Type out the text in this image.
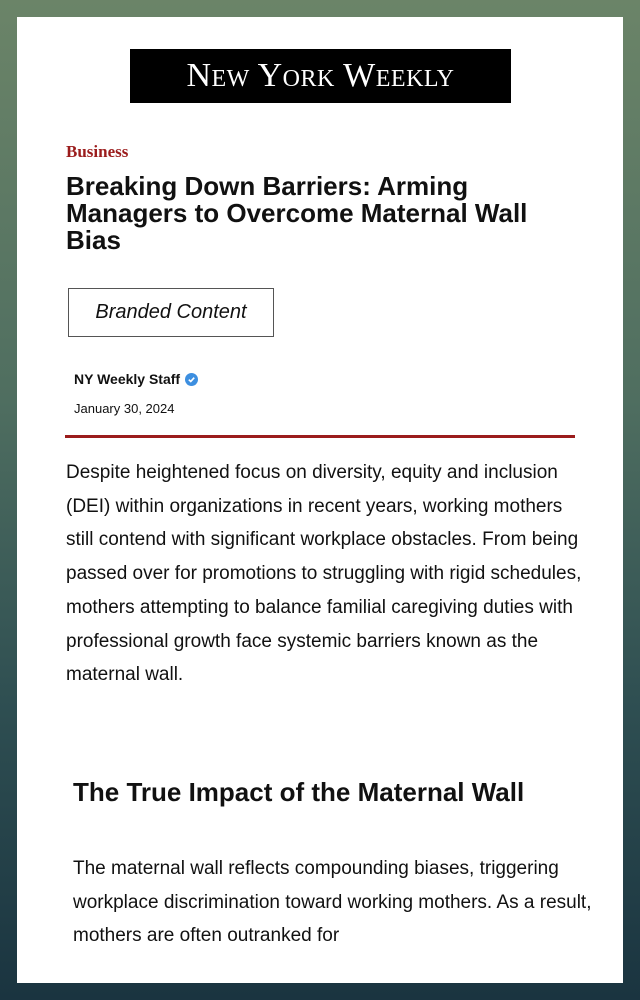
New York Weekly
Business
Breaking Down Barriers: Arming Managers to Overcome Maternal Wall Bias
Branded Content
NY Weekly Staff
January 30, 2024

Despite heightened focus on diversity, equity and inclusion (DEI) within organizations in recent years, working mothers still contend with significant workplace obstacles. From being passed over for promotions to struggling with rigid schedules, mothers attempting to balance familial caregiving duties with professional growth face systemic barriers known as the maternal wall.

The True Impact of the Maternal Wall

The maternal wall reflects compounding biases, triggering workplace discrimination toward working mothers. As a result, mothers are often outranked for
